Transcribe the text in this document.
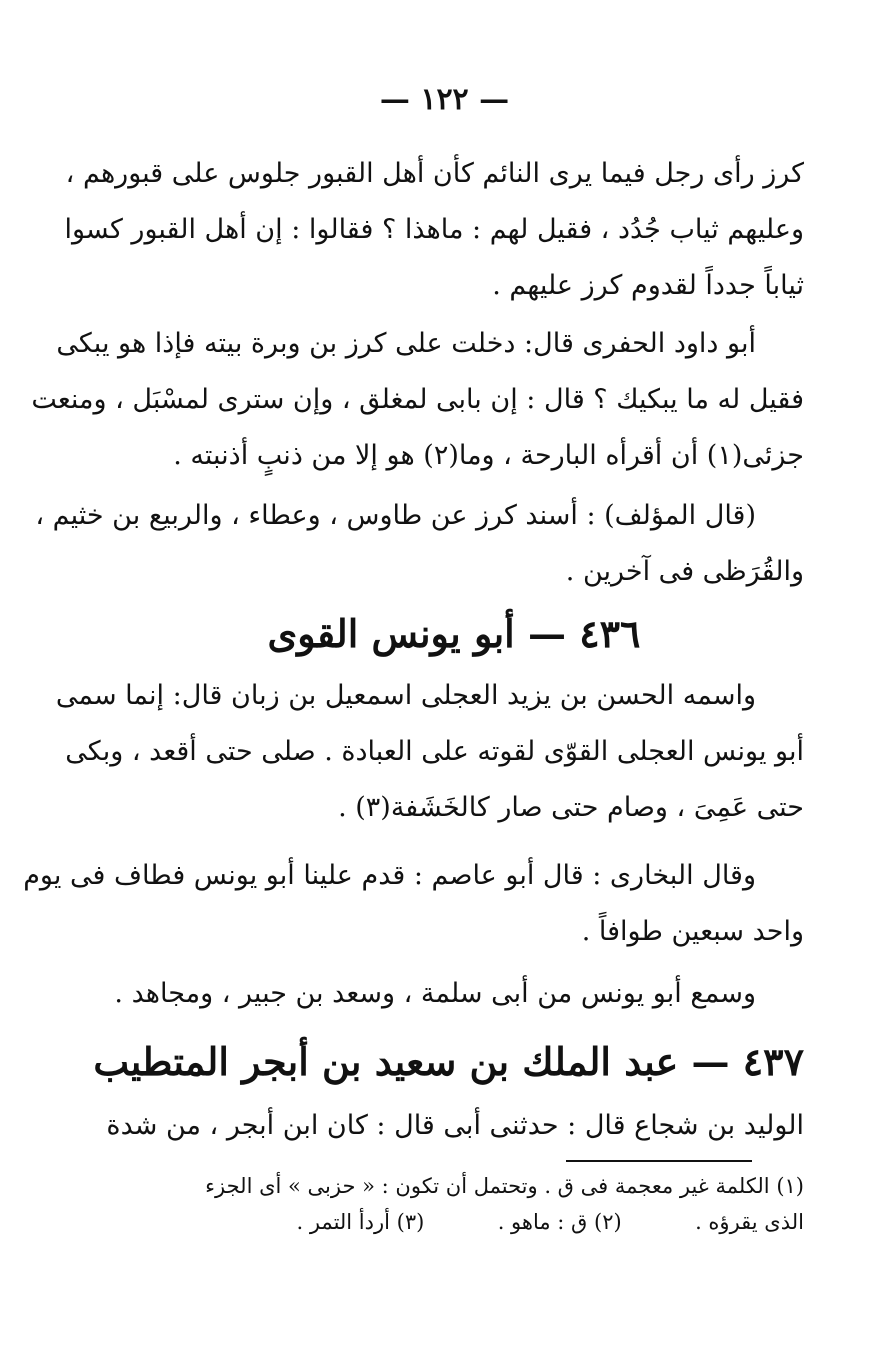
— ١٢٢ —
كرز رأى رجل فيما يرى النائم كأن أهل القبور جلوس على قبورهم ،
وعليهم ثياب جُدُد ، فقيل لهم : ماهذا ؟ فقالوا : إن أهل القبور كسوا
ثياباً جدداً لقدوم كرز عليهم .
أبو داود الحفرى قال: دخلت على كرز بن وبرة بيته فإذا هو يبكى
فقيل له ما يبكيك ؟ قال : إن بابى لمغلق ، وإن سترى لمسْبَل ، ومنعت
جزئى(١) أن أقرأه البارحة ، وما(٢) هو إلا من ذنبٍ أذنبته .
(قال المؤلف) : أسند كرز عن طاوس ، وعطاء ، والربيع بن خثيم ،
والقُرَظى فى آخرين .
٤٣٦ — أبو يونس القوى
واسمه الحسن بن يزيد العجلى اسمعيل بن زبان قال: إنما سمى
أبو يونس العجلى القوّى لقوته على العبادة . صلى حتى أقعد ، وبكى
حتى عَمِىَ ، وصام حتى صار كالخَشَفة(٣) .
وقال البخارى : قال أبو عاصم : قدم علينا أبو يونس فطاف فى يوم
واحد سبعين طوافاً .
وسمع أبو يونس من أبى سلمة ، وسعد بن جبير ، ومجاهد .
٤٣٧ — عبد الملك بن سعيد بن أبجر المتطيب
الوليد بن شجاع قال : حدثنى أبى قال : كان ابن أبجر ، من شدة
(١) الكلمة غير معجمة فى ق . وتحتمل أن تكون : « حزبى » أى الجزء
الذى يقرؤه .  (٢) ق : ماهو .  (٣) أردأ التمر .
